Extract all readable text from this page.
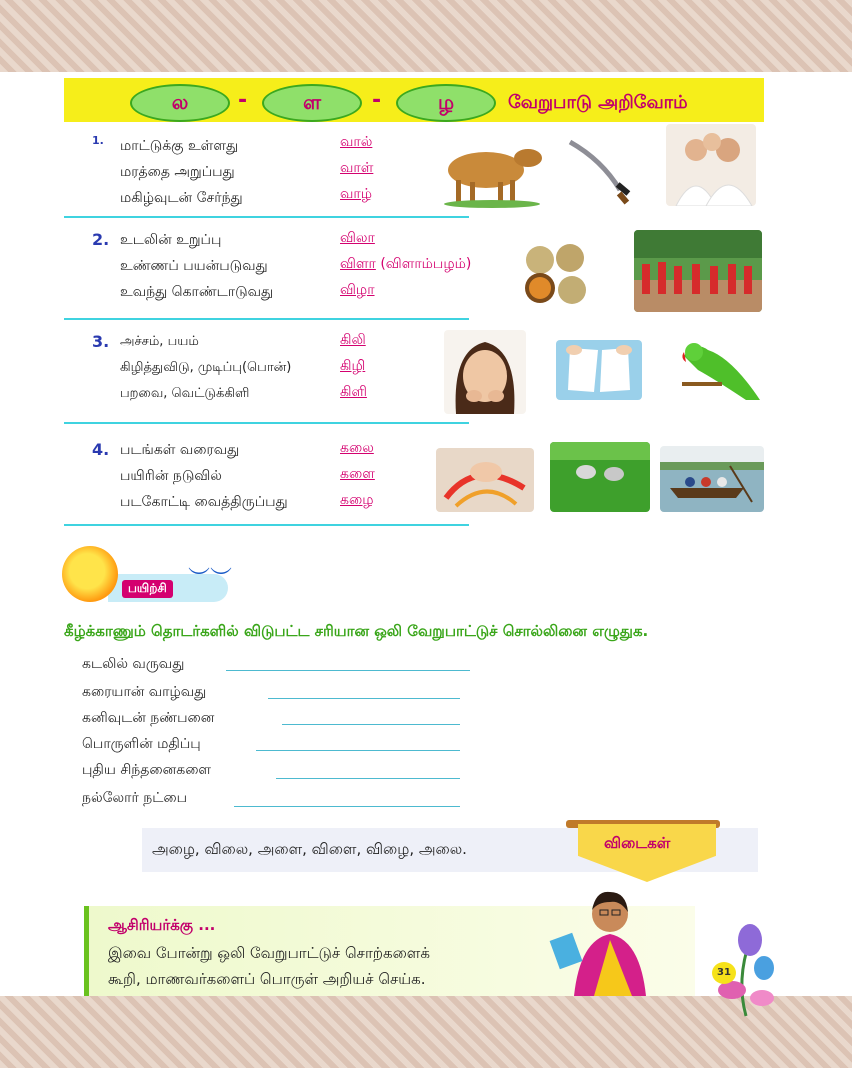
ல	-	ள	-	ழ	வேறுபாடு அறிவோம்
1. மாட்டுக்கு உள்ளது	வால்
மரத்தை அறுப்பது	வாள்
மகிழ்வுடன் சேர்ந்து	வாழ்
2. உடலின் உறுப்பு	விலா
உண்ணப் பயன்படுவது	விளா (விளாம்பழம்)
உவந்து கொண்டாடுவது	விழா
3. அச்சம், பயம்	கிலி
கிழித்துவிடு, முடிப்பு(பொன்)	கிழி
பறவை, வெட்டுக்கிளி	கிளி
4. படங்கள் வரைவது	கலை
பயிரின் நடுவில்	களை
படகோட்டி வைத்திருப்பது	கழை
பயிற்சி ︶︶
கீழ்க்காணும் தொடர்களில் விடுபட்ட சரியான ஒலி வேறுபாட்டுச் சொல்லினை எழுதுக.
கடலில் வருவது
கரையான் வாழ்வது
கனிவுடன் நண்பனை
பொருளின் மதிப்பு
புதிய சிந்தனைகளை
நல்லோர் நட்பை
அழை, விலை, அளை, விளை, விழை, அலை.	விடைகள்
ஆசிரியர்க்கு ...
இவை போன்று ஒலி வேறுபாட்டுச் சொற்களைக்
கூறி, மாணவர்களைப் பொருள் அறியச் செய்க.	31
